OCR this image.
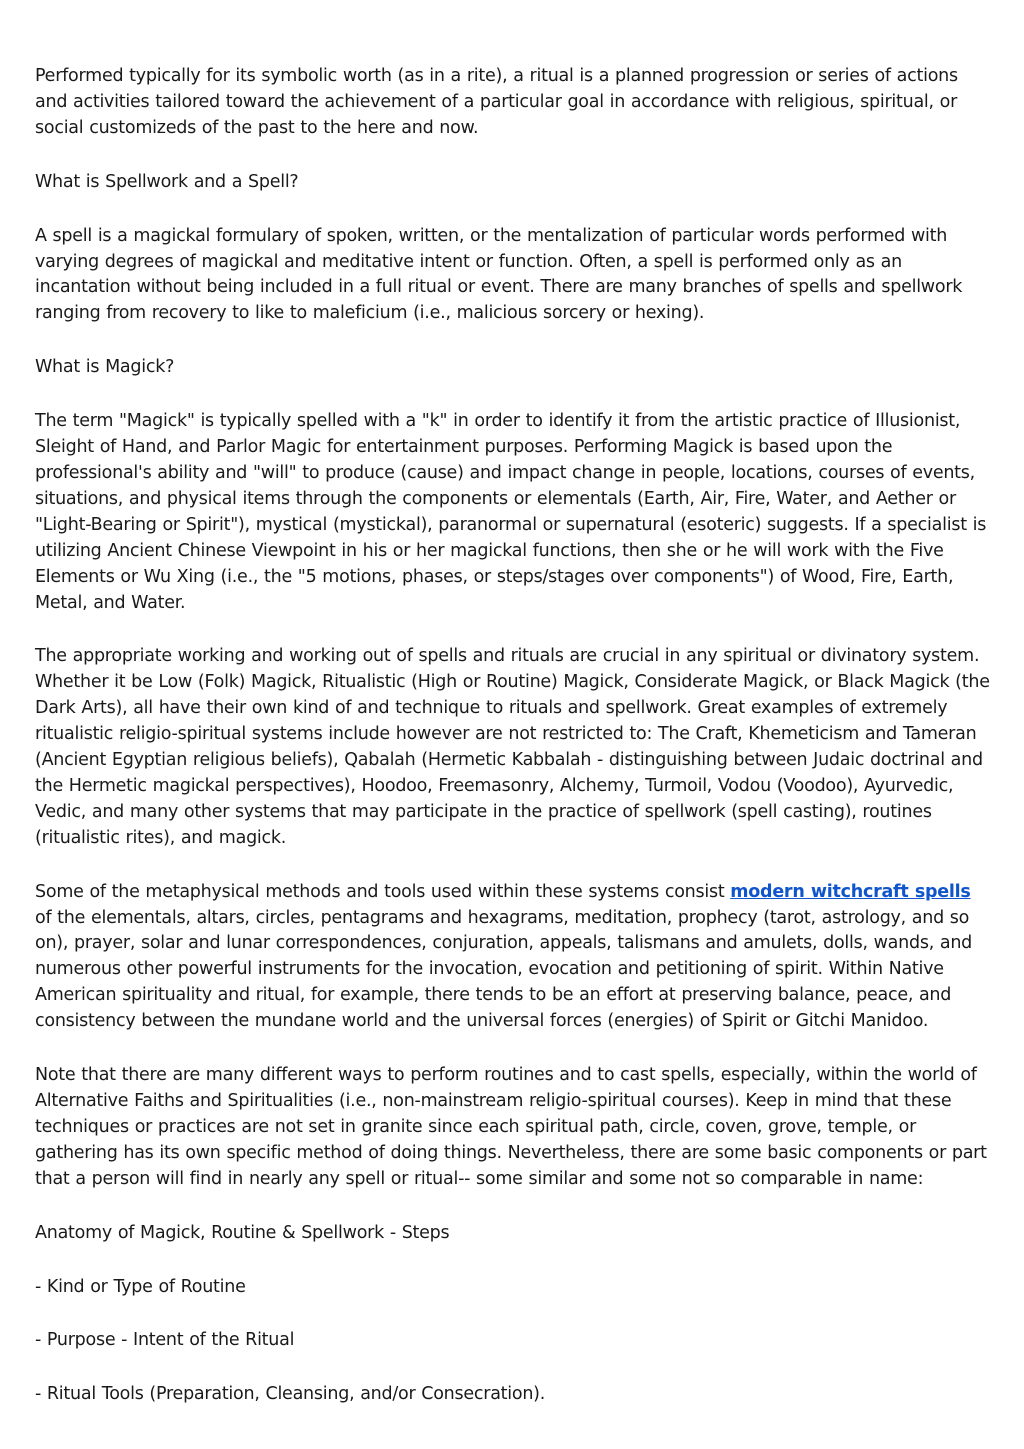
Performed typically for its symbolic worth (as in a rite), a ritual is a planned progression or series of actions and activities tailored toward the achievement of a particular goal in accordance with religious, spiritual, or social customizeds of the past to the here and now.

What is Spellwork and a Spell?

A spell is a magickal formulary of spoken, written, or the mentalization of particular words performed with varying degrees of magickal and meditative intent or function. Often, a spell is performed only as an incantation without being included in a full ritual or event. There are many branches of spells and spellwork ranging from recovery to like to maleficium (i.e., malicious sorcery or hexing).

What is Magick?

The term "Magick" is typically spelled with a "k" in order to identify it from the artistic practice of Illusionist, Sleight of Hand, and Parlor Magic for entertainment purposes. Performing Magick is based upon the professional's ability and "will" to produce (cause) and impact change in people, locations, courses of events, situations, and physical items through the components or elementals (Earth, Air, Fire, Water, and Aether or "Light-Bearing or Spirit"), mystical (mystickal), paranormal or supernatural (esoteric) suggests. If a specialist is utilizing Ancient Chinese Viewpoint in his or her magickal functions, then she or he will work with the Five Elements or Wu Xing (i.e., the "5 motions, phases, or steps/stages over components") of Wood, Fire, Earth, Metal, and Water.

The appropriate working and working out of spells and rituals are crucial in any spiritual or divinatory system. Whether it be Low (Folk) Magick, Ritualistic (High or Routine) Magick, Considerate Magick, or Black Magick (the Dark Arts), all have their own kind of and technique to rituals and spellwork. Great examples of extremely ritualistic religio-spiritual systems include however are not restricted to: The Craft, Khemeticism and Tameran (Ancient Egyptian religious beliefs), Qabalah (Hermetic Kabbalah - distinguishing between Judaic doctrinal and the Hermetic magickal perspectives), Hoodoo, Freemasonry, Alchemy, Turmoil, Vodou (Voodoo), Ayurvedic, Vedic, and many other systems that may participate in the practice of spellwork (spell casting), routines (ritualistic rites), and magick.

Some of the metaphysical methods and tools used within these systems consist modern witchcraft spells of the elementals, altars, circles, pentagrams and hexagrams, meditation, prophecy (tarot, astrology, and so on), prayer, solar and lunar correspondences, conjuration, appeals, talismans and amulets, dolls, wands, and numerous other powerful instruments for the invocation, evocation and petitioning of spirit. Within Native American spirituality and ritual, for example, there tends to be an effort at preserving balance, peace, and consistency between the mundane world and the universal forces (energies) of Spirit or Gitchi Manidoo.

Note that there are many different ways to perform routines and to cast spells, especially, within the world of Alternative Faiths and Spiritualities (i.e., non-mainstream religio-spiritual courses). Keep in mind that these techniques or practices are not set in granite since each spiritual path, circle, coven, grove, temple, or gathering has its own specific method of doing things. Nevertheless, there are some basic components or part that a person will find in nearly any spell or ritual-- some similar and some not so comparable in name:

Anatomy of Magick, Routine & Spellwork - Steps

- Kind or Type of Routine

- Purpose - Intent of the Ritual

- Ritual Tools (Preparation, Cleansing, and/or Consecration).
